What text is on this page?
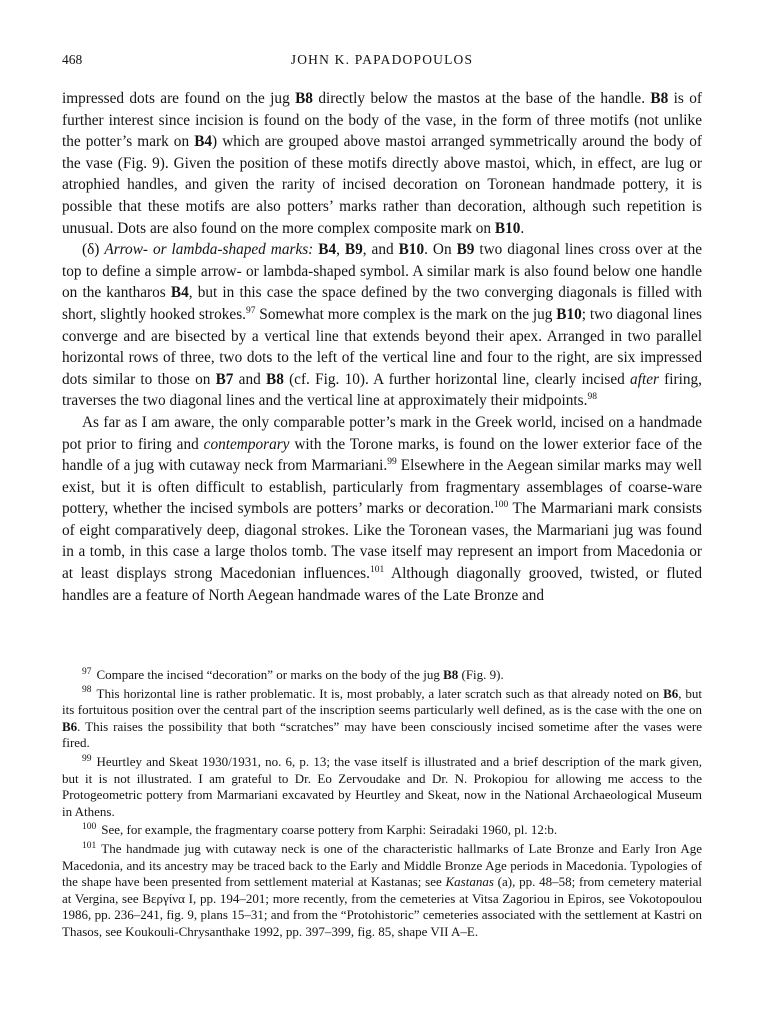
468	JOHN K. PAPADOPOULOS

impressed dots are found on the jug B8 directly below the mastos at the base of the handle. B8 is of further interest since incision is found on the body of the vase, in the form of three motifs (not unlike the potter’s mark on B4) which are grouped above mastoi arranged symmetrically around the body of the vase (Fig. 9). Given the position of these motifs directly above mastoi, which, in effect, are lug or atrophied handles, and given the rarity of incised decoration on Toronean handmade pottery, it is possible that these motifs are also potters’ marks rather than decoration, although such repetition is unusual. Dots are also found on the more complex composite mark on B10.

(δ) Arrow- or lambda-shaped marks: B4, B9, and B10. On B9 two diagonal lines cross over at the top to define a simple arrow- or lambda-shaped symbol. A similar mark is also found below one handle on the kantharos B4, but in this case the space defined by the two converging diagonals is filled with short, slightly hooked strokes.$^{97}$ Somewhat more complex is the mark on the jug B10; two diagonal lines converge and are bisected by a vertical line that extends beyond their apex. Arranged in two parallel horizontal rows of three, two dots to the left of the vertical line and four to the right, are six impressed dots similar to those on B7 and B8 (cf. Fig. 10). A further horizontal line, clearly incised after firing, traverses the two diagonal lines and the vertical line at approximately their midpoints.$^{98}$

As far as I am aware, the only comparable potter’s mark in the Greek world, incised on a handmade pot prior to firing and contemporary with the Torone marks, is found on the lower exterior face of the handle of a jug with cutaway neck from Marmariani.$^{99}$ Elsewhere in the Aegean similar marks may well exist, but it is often difficult to establish, particularly from fragmentary assemblages of coarse-ware pottery, whether the incised symbols are potters’ marks or decoration.$^{100}$ The Marmariani mark consists of eight comparatively deep, diagonal strokes. Like the Toronean vases, the Marmariani jug was found in a tomb, in this case a large tholos tomb. The vase itself may represent an import from Macedonia or at least displays strong Macedonian influences.$^{101}$ Although diagonally grooved, twisted, or fluted handles are a feature of North Aegean handmade wares of the Late Bronze and

$^{97}$ Compare the incised “decoration” or marks on the body of the jug B8 (Fig. 9).

$^{98}$ This horizontal line is rather problematic. It is, most probably, a later scratch such as that already noted on B6, but its fortuitous position over the central part of the inscription seems particularly well defined, as is the case with the one on B6. This raises the possibility that both “scratches” may have been consciously incised sometime after the vases were fired.

$^{99}$ Heurtley and Skeat 1930/1931, no. 6, p. 13; the vase itself is illustrated and a brief description of the mark given, but it is not illustrated. I am grateful to Dr. Eo Zervoudake and Dr. N. Prokopiou for allowing me access to the Protogeometric pottery from Marmariani excavated by Heurtley and Skeat, now in the National Archaeological Museum in Athens.

$^{100}$ See, for example, the fragmentary coarse pottery from Karphi: Seiradaki 1960, pl. 12:b.

$^{101}$ The handmade jug with cutaway neck is one of the characteristic hallmarks of Late Bronze and Early Iron Age Macedonia, and its ancestry may be traced back to the Early and Middle Bronze Age periods in Macedonia. Typologies of the shape have been presented from settlement material at Kastanas; see Kastanas (a), pp. 48–58; from cemetery material at Vergina, see Βεργίνα I, pp. 194–201; more recently, from the cemeteries at Vitsa Zagoriou in Epiros, see Vokotopoulou 1986, pp. 236–241, fig. 9, plans 15–31; and from the “Protohistoric” cemeteries associated with the settlement at Kastri on Thasos, see Koukouli-Chrysanthake 1992, pp. 397–399, fig. 85, shape VII A–E.
